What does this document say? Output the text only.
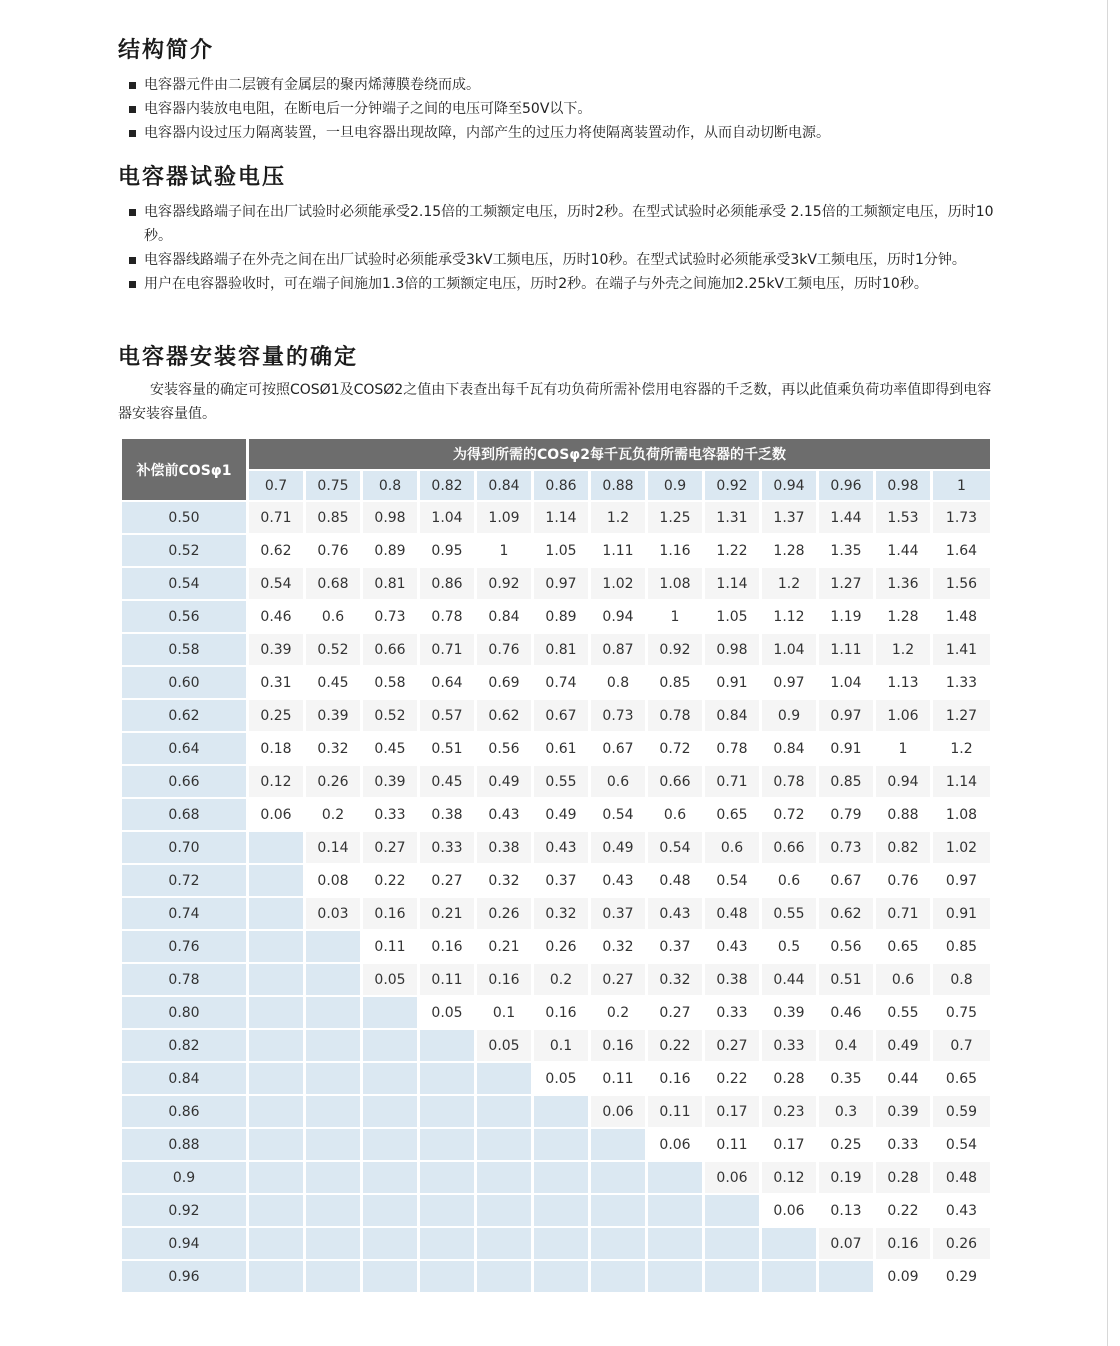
结构简介
电容器元件由二层镀有金属层的聚丙烯薄膜卷绕而成。
电容器内装放电电阻，在断电后一分钟端子之间的电压可降至50V以下。
电容器内设过压力隔离装置，一旦电容器出现故障，内部产生的过压力将使隔离装置动作，从而自动切断电源。
电容器试验电压
电容器线路端子间在出厂试验时必须能承受2.15倍的工频额定电压，历时2秒。在型式试验时必须能承受 2.15倍的工频额定电压，历时10秒。
电容器线路端子在外壳之间在出厂试验时必须能承受3kV工频电压，历时10秒。在型式试验时必须能承受3kV工频电压，历时1分钟。
用户在电容器验收时，可在端子间施加1.3倍的工频额定电压，历时2秒。在端子与外壳之间施加2.25kV工频电压，历时10秒。
电容器安装容量的确定

安装容量的确定可按照COSØ1及COSØ2之值由下表查出每千瓦有功负荷所需补偿用电容器的千乏数，再以此值乘负荷功率值即得到电容器安装容量值。

补偿前COSφ1	为得到所需的COSφ2每千瓦负荷所需电容器的千乏数												
	0.7	0.75	0.8	0.82	0.84	0.86	0.88	0.9	0.92	0.94	0.96	0.98	1
0.50	0.71	0.85	0.98	1.04	1.09	1.14	1.2	1.25	1.31	1.37	1.44	1.53	1.73
0.52	0.62	0.76	0.89	0.95	1	1.05	1.11	1.16	1.22	1.28	1.35	1.44	1.64
0.54	0.54	0.68	0.81	0.86	0.92	0.97	1.02	1.08	1.14	1.2	1.27	1.36	1.56
0.56	0.46	0.6	0.73	0.78	0.84	0.89	0.94	1	1.05	1.12	1.19	1.28	1.48
0.58	0.39	0.52	0.66	0.71	0.76	0.81	0.87	0.92	0.98	1.04	1.11	1.2	1.41
0.60	0.31	0.45	0.58	0.64	0.69	0.74	0.8	0.85	0.91	0.97	1.04	1.13	1.33
0.62	0.25	0.39	0.52	0.57	0.62	0.67	0.73	0.78	0.84	0.9	0.97	1.06	1.27
0.64	0.18	0.32	0.45	0.51	0.56	0.61	0.67	0.72	0.78	0.84	0.91	1	1.2
0.66	0.12	0.26	0.39	0.45	0.49	0.55	0.6	0.66	0.71	0.78	0.85	0.94	1.14
0.68	0.06	0.2	0.33	0.38	0.43	0.49	0.54	0.6	0.65	0.72	0.79	0.88	1.08
0.70		0.14	0.27	0.33	0.38	0.43	0.49	0.54	0.6	0.66	0.73	0.82	1.02
0.72		0.08	0.22	0.27	0.32	0.37	0.43	0.48	0.54	0.6	0.67	0.76	0.97
0.74		0.03	0.16	0.21	0.26	0.32	0.37	0.43	0.48	0.55	0.62	0.71	0.91
0.76			0.11	0.16	0.21	0.26	0.32	0.37	0.43	0.5	0.56	0.65	0.85
0.78			0.05	0.11	0.16	0.2	0.27	0.32	0.38	0.44	0.51	0.6	0.8
0.80				0.05	0.1	0.16	0.2	0.27	0.33	0.39	0.46	0.55	0.75
0.82					0.05	0.1	0.16	0.22	0.27	0.33	0.4	0.49	0.7
0.84						0.05	0.11	0.16	0.22	0.28	0.35	0.44	0.65
0.86							0.06	0.11	0.17	0.23	0.3	0.39	0.59
0.88								0.06	0.11	0.17	0.25	0.33	0.54
0.9									0.06	0.12	0.19	0.28	0.48
0.92										0.06	0.13	0.22	0.43
0.94											0.07	0.16	0.26
0.96												0.09	0.29
